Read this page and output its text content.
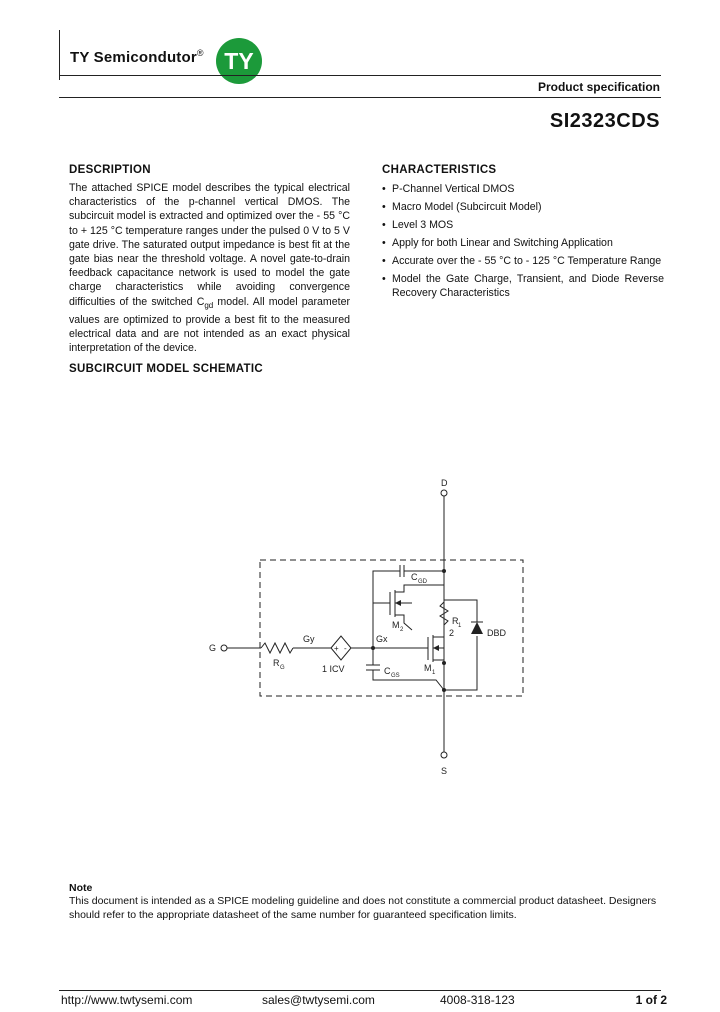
TY Semicondutor® TY
Product specification
SI2323CDS
DESCRIPTION
The attached SPICE model describes the typical electrical characteristics of the p-channel vertical DMOS. The subcircuit model is extracted and optimized over the - 55 °C to + 125 °C temperature ranges under the pulsed 0 V to 5 V gate drive. The saturated output impedance is best fit at the gate bias near the threshold voltage. A novel gate-to-drain feedback capacitance network is used to model the gate charge characteristics while avoiding convergence difficulties of the switched $C_{gd}$ model. All model parameter values are optimized to provide a best fit to the measured electrical data and are not intended as an exact physical interpretation of the device.
CHARACTERISTICS
• P-Channel Vertical DMOS
• Macro Model (Subcircuit Model)
• Level 3 MOS
• Apply for both Linear and Switching Application
• Accurate over the - 55 °C to - 125 °C Temperature Range
• Model the Gate Charge, Transient, and Diode Reverse Recovery Characteristics
SUBCIRCUIT MODEL SCHEMATIC
D
S
G
R G
Gy	Gx
1 ICV
+ -
C GD
C GS
R 1
2
M 2
M 1
DBD
Note
This document is intended as a SPICE modeling guideline and does not constitute a commercial product datasheet. Designers should refer to the appropriate datasheet of the same number for guaranteed specification limits.
http://www.twtysemi.com	sales@twtysemi.com	4008-318-123	1 of 2
